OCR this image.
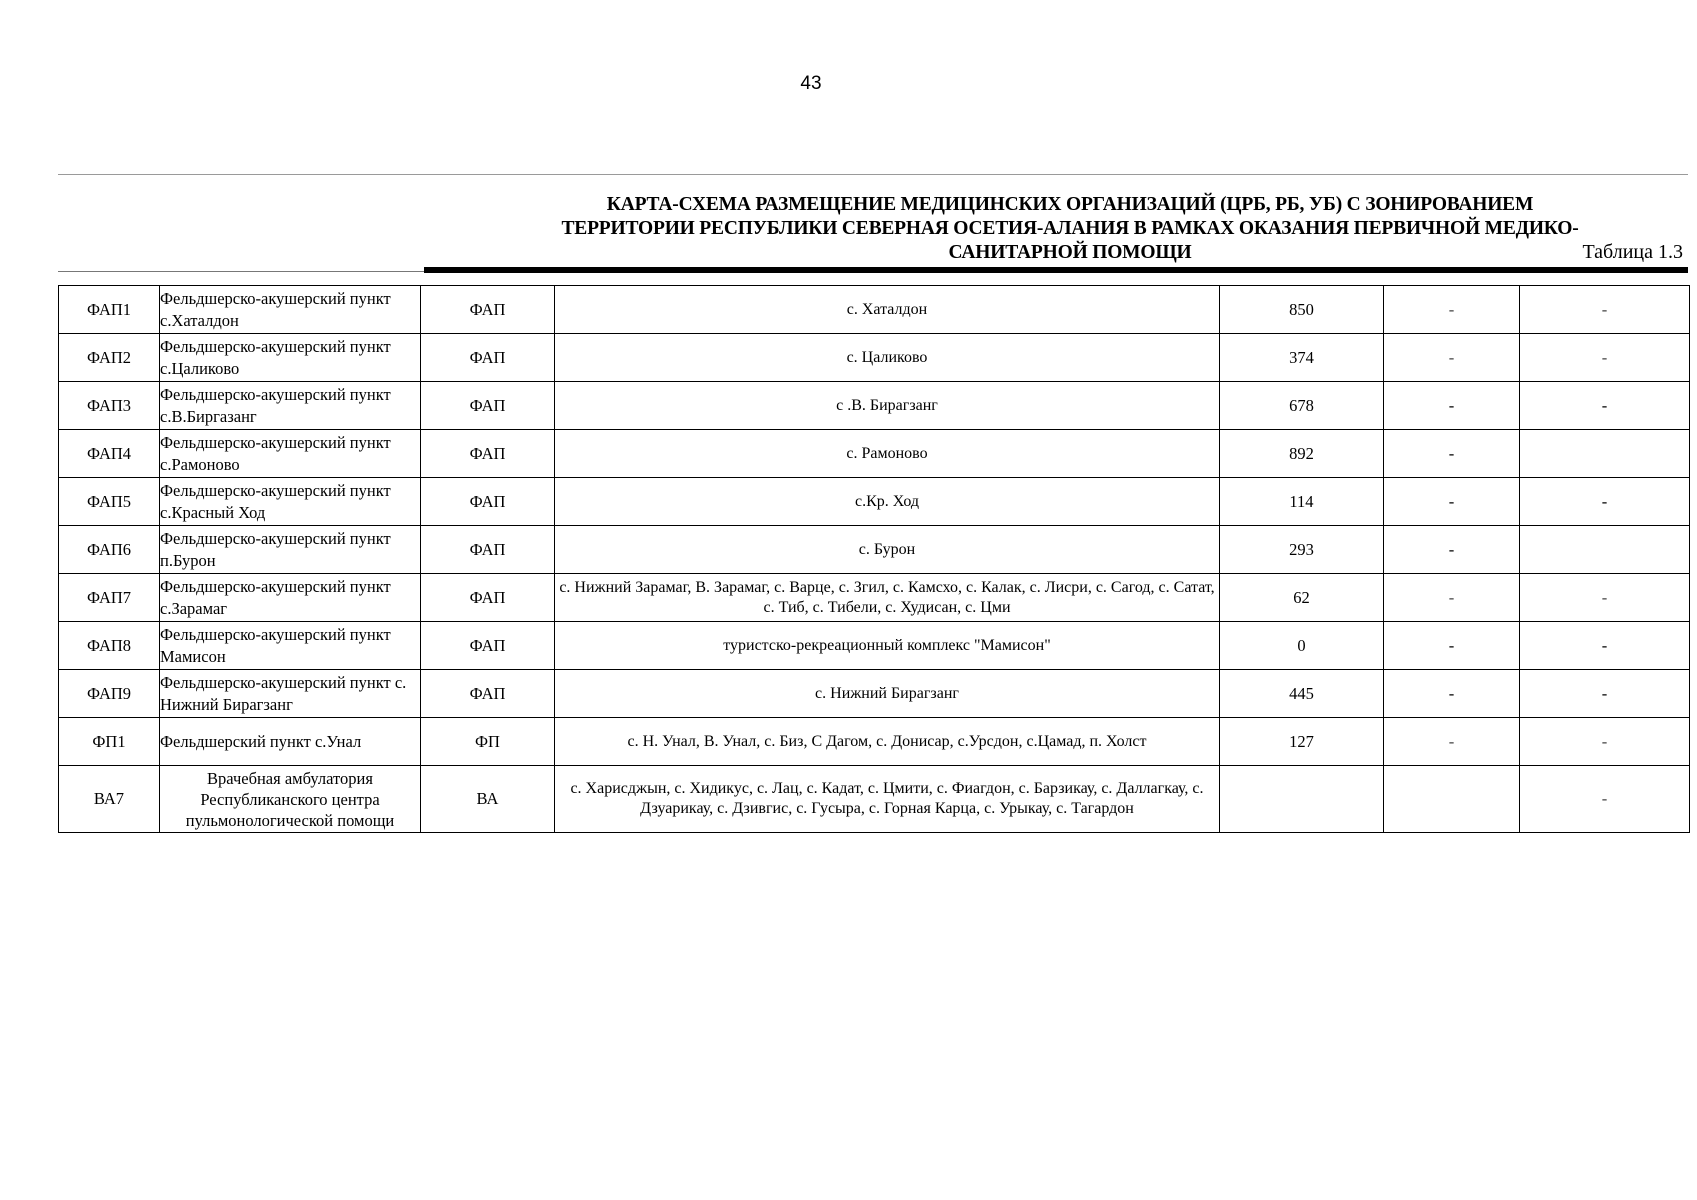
43
КАРТА-СХЕМА РАЗМЕЩЕНИЕ МЕДИЦИНСКИХ ОРГАНИЗАЦИЙ (ЦРБ, РБ, УБ) С ЗОНИРОВАНИЕМ
ТЕРРИТОРИИ РЕСПУБЛИКИ СЕВЕРНАЯ ОСЕТИЯ-АЛАНИЯ В РАМКАХ ОКАЗАНИЯ ПЕРВИЧНОЙ МЕДИКО-
САНИТАРНОЙ ПОМОЩИ	Таблица 1.3
ФАП1	Фельдшерско-акушерский пункт с.Хаталдон	ФАП	с. Хаталдон	850	-	-
ФАП2	Фельдшерско-акушерский пункт с.Цаликово	ФАП	с. Цаликово	374	-	-
ФАП3	Фельдшерско-акушерский пункт с.В.Биргазанг	ФАП	с .В. Бирагзанг	678	-	-
ФАП4	Фельдшерско-акушерский пункт с.Рамоново	ФАП	с. Рамоново	892	-	
ФАП5	Фельдшерско-акушерский пункт с.Красный Ход	ФАП	с.Кр. Ход	114	-	-
ФАП6	Фельдшерско-акушерский пункт п.Бурон	ФАП	с. Бурон	293	-	
ФАП7	Фельдшерско-акушерский пункт с.Зарамаг	ФАП	с. Нижний Зарамаг, В. Зарамаг, с. Варце, с. Згил, с. Камсхо, с. Калак, с. Лисри, с. Сагод, с. Сатат, с. Тиб, с. Тибели, с. Худисан, с. Цми	62	-	-
ФАП8	Фельдшерско-акушерский пункт Мамисон	ФАП	туристско-рекреационный комплекс "Мамисон"	0	-	-
ФАП9	Фельдшерско-акушерский пункт с. Нижний Бирагзанг	ФАП	с. Нижний Бирагзанг	445	-	-
ФП1	Фельдшерский пункт с.Унал	ФП	с. Н. Унал, В. Унал, с. Биз, С Дагом, с. Донисар, с.Урсдон, с.Цамад, п. Холст	127	-	-
ВА7	Врачебная амбулатория Республиканского центра пульмонологической помощи	ВА	с. Харисджын, с. Хидикус, с. Лац, с. Кадат, с. Цмити, с. Фиагдон, с. Барзикау, с. Даллагкау, с. Дзуарикау, с. Дзивгис, с. Гусыра, с. Горная Карца, с. Урыкау, с. Тагардон			-
